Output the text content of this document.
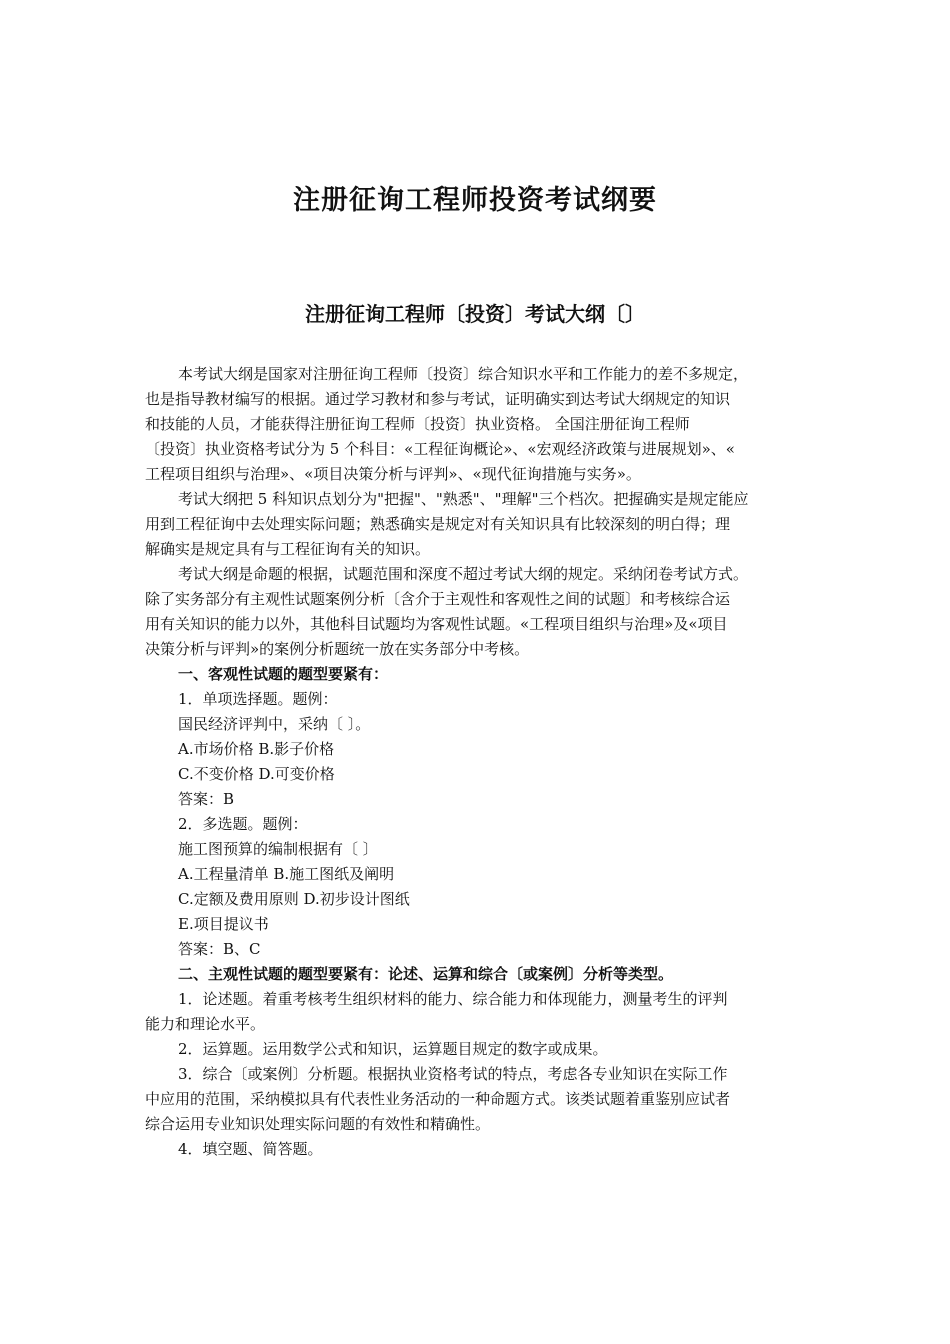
注册征询工程师投资考试纲要
注册征询工程师〔投资〕考试大纲〔〕
本考试大纲是国家对注册征询工程师〔投资〕综合知识水平和工作能力的差不多规定，
也是指导教材编写的根据。通过学习教材和参与考试，证明确实到达考试大纲规定的知识
和技能的人员，才能获得注册征询工程师〔投资〕执业资格。 全国注册征询工程师
〔投资〕执业资格考试分为 5 个科目：«工程征询概论»、«宏观经济政策与进展规划»、«
工程项目组织与治理»、«项目决策分析与评判»、«现代征询措施与实务»。
考试大纲把 5 科知识点划分为"把握"、"熟悉"、"理解"三个档次。把握确实是规定能应
用到工程征询中去处理实际问题；熟悉确实是规定对有关知识具有比较深刻的明白得；理
解确实是规定具有与工程征询有关的知识。
考试大纲是命题的根据，试题范围和深度不超过考试大纲的规定。采纳闭卷考试方式。
除了实务部分有主观性试题案例分析〔含介于主观性和客观性之间的试题〕和考核综合运
用有关知识的能力以外，其他科目试题均为客观性试题。«工程项目组织与治理»及«项目
决策分析与评判»的案例分析题统一放在实务部分中考核。
一、客观性试题的题型要紧有：
1．单项选择题。题例：
国民经济评判中，采纳〔 〕。
A.市场价格 B.影子价格
C.不变价格 D.可变价格
答案：B
2．多选题。题例：
施工图预算的编制根据有〔 〕
A.工程量清单 B.施工图纸及阐明
C.定额及费用原则 D.初步设计图纸
E.项目提议书
答案：B、C
二、主观性试题的题型要紧有：论述、运算和综合〔或案例〕分析等类型。
1．论述题。着重考核考生组织材料的能力、综合能力和体现能力，测量考生的评判
能力和理论水平。
2．运算题。运用数学公式和知识，运算题目规定的数字或成果。
3．综合〔或案例〕分析题。根据执业资格考试的特点，考虑各专业知识在实际工作
中应用的范围，采纳模拟具有代表性业务活动的一种命题方式。该类试题着重鉴别应试者
综合运用专业知识处理实际问题的有效性和精确性。
4．填空题、简答题。
